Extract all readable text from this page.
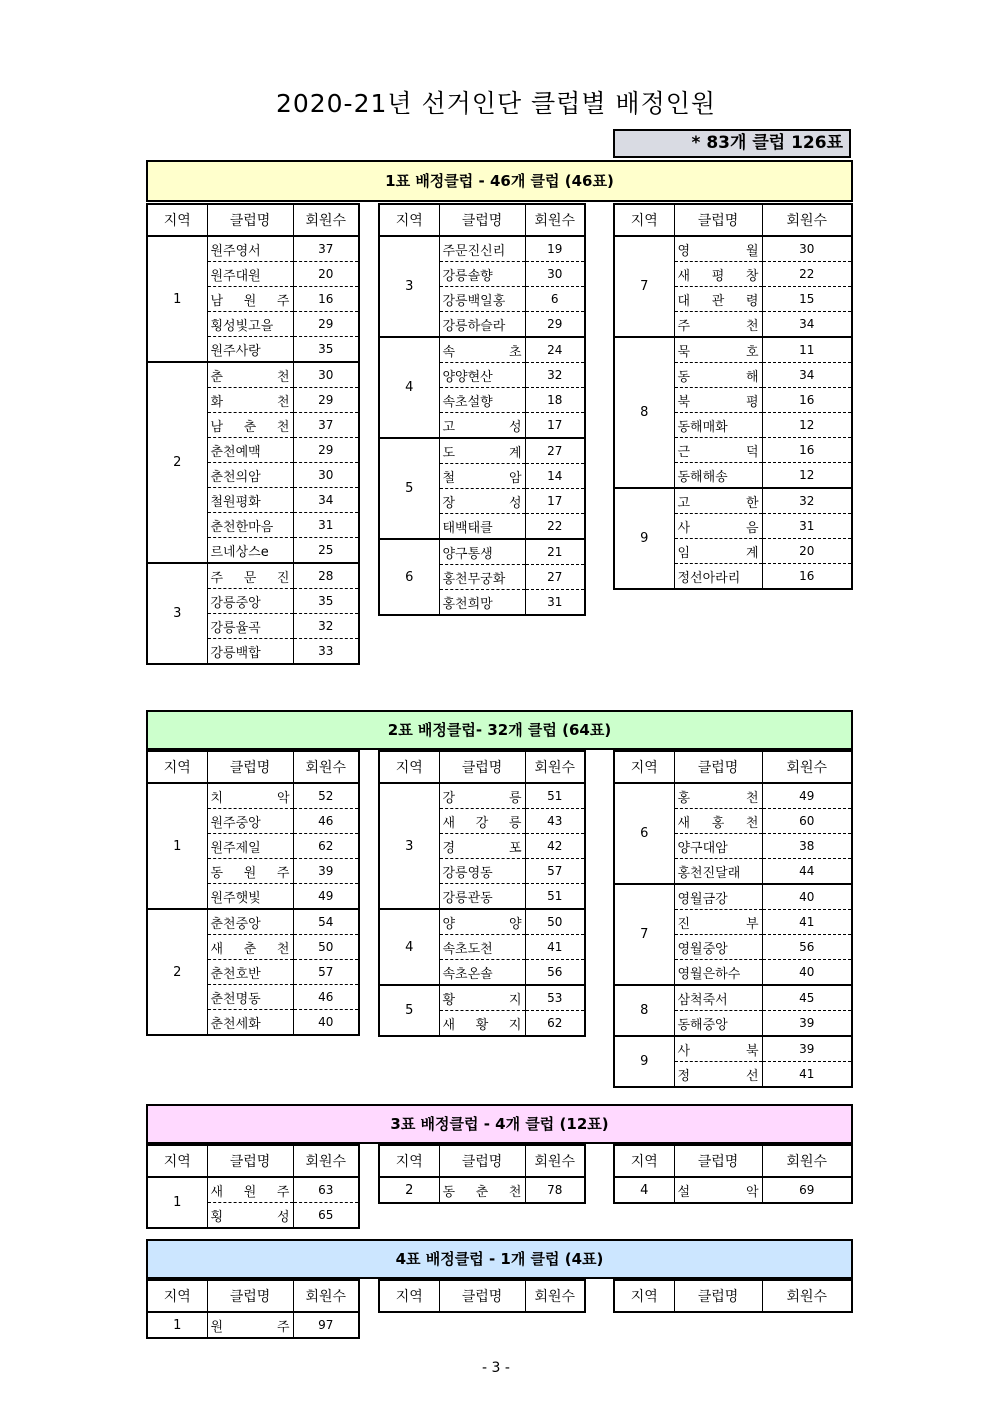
2020-21년 선거인단 클럽별 배정인원
* 83개 클럽 126표
1표 배정클럽 - 46개 클럽 (46표)
지역	클럽명	회원수
1	원주영서	37

	원주대원	20

	남 원 주	16

	횡성빛고을	29

	원주사랑	35
2	춘 천	30

	화 천	29

	남 춘 천	37

	춘천예맥	29

	춘천의암	30

	철원평화	34

	춘천한마음	31

	르네상스e	25
3	주 문 진	28

	강릉중앙	35

	강릉율곡	32

	강릉백합	33
지역	클럽명	회원수
3	주문진신리	19

	강릉솔향	30

	강릉백일홍	6

	강릉하슬라	29
4	속 초	24

	양양현산	32

	속초설향	18

	고 성	17
5	도 계	27

	철 암	14

	장 성	17

	태백태클	22
6	양구통생	21

	홍천무궁화	27

	홍천희망	31
지역	클럽명	회원수
7	영 월	30

	새 평 창	22

	대 관 령	15

	주 천	34
8	묵 호	11

	동 해	34

	북 평	16

	동해매화	12

	근 덕	16

	동해해송	12
9	고 한	32

	사 음	31

	임 계	20

	정선아라리	16
2표 배정클럽- 32개 클럽 (64표)
지역	클럽명	회원수
1	치 악	52

	원주중앙	46

	원주제일	62

	동 원 주	39

	원주햇빛	49
2	춘천중앙	54

	새 춘 천	50

	춘천호반	57

	춘천명동	46

	춘천세화	40
지역	클럽명	회원수
3	강 릉	51

	새 강 릉	43

	경 포	42

	강릉영동	57

	강릉관동	51
4	양 양	50

	속초도천	41

	속초온솔	56
5	황 지	53

	새 황 지	62
지역	클럽명	회원수
6	홍 천	49

	새 홍 천	60

	양구대암	38

	홍천진달래	44
7	영월금강	40

	진 부	41

	영월중앙	56

	영월은하수	40
8	삼척죽서	45

	동해중앙	39
9	사 북	39

	정 선	41
3표 배정클럽 - 4개 클럽 (12표)
지역	클럽명	회원수
1	새 원 주	63

	횡 성	65
지역	클럽명	회원수
2	동 춘 천	78
지역	클럽명	회원수
4	설 악	69
4표 배정클럽 - 1개 클럽 (4표)
지역	클럽명	회원수
1	원 주	97
지역	클럽명	회원수	지역	클럽명	회원수
- 3 -
